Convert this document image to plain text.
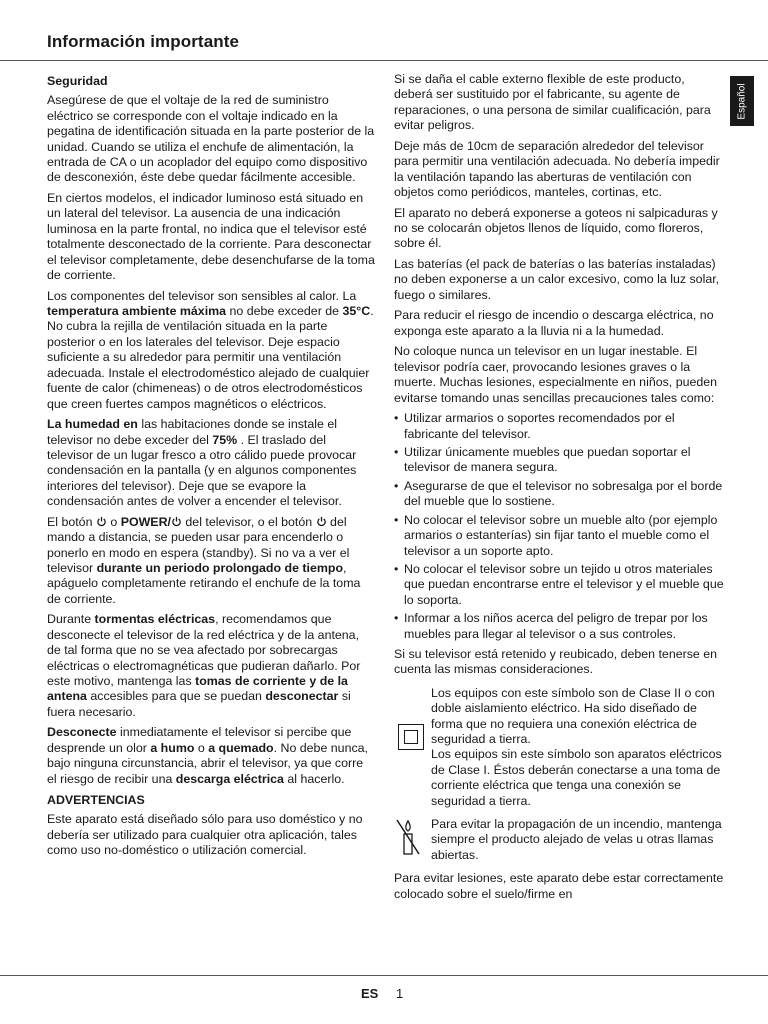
Información importante
Español
Seguridad

Asegúrese de que el voltaje de la red de suministro eléctrico se corresponde con el voltaje indicado en la pegatina de identificación situada en la parte posterior de la unidad. Cuando se utiliza el enchufe de alimentación, la entrada de CA o un acoplador del equipo como dispositivo de desconexión, éste debe quedar fácilmente accesible.

En ciertos modelos, el indicador luminoso está situado en un lateral del televisor. La ausencia de una indicación luminosa en la parte frontal, no indica que el televisor esté totalmente desconectado de la corriente. Para desconectar el televisor completamente, debe desenchufarse de la toma de corriente.

Los componentes del televisor son sensibles al calor. La temperatura ambiente máxima no debe exceder de 35°C. No cubra la rejilla de ventilación situada en la parte posterior o en los laterales del televisor. Deje espacio suficiente a su alrededor para permitir una ventilación adecuada. Instale el electrodoméstico alejado de cualquier fuente de calor (chimeneas) o de otros electrodomésticos que creen fuertes campos magnéticos o eléctricos.

La humedad en las habitaciones donde se instale el televisor no debe exceder del 75% . El traslado del televisor de un lugar fresco a otro cálido puede provocar condensación en la pantalla (y en algunos componentes interiores del televisor). Deje que se evapore la condensación antes de volver a encender el televisor.

El botón  o POWER/ del televisor, o el botón  del mando a distancia, se pueden usar para encenderlo o ponerlo en modo en espera (standby). Si no va a ver el televisor durante un periodo prolongado de tiempo, apáguelo completamente retirando el enchufe de la toma de corriente.

Durante tormentas eléctricas, recomendamos que desconecte el televisor de la red eléctrica y de la antena, de tal forma que no se vea afectado por sobrecargas eléctricas o electromagnéticas que pudieran dañarlo. Por este motivo, mantenga las tomas de corriente y de la antena accesibles para que se puedan desconectar si fuera necesario.

Desconecte inmediatamente el televisor si percibe que desprende un olor a humo o a quemado. No debe nunca, bajo ninguna circunstancia, abrir el televisor, ya que corre el riesgo de recibir una descarga eléctrica al hacerlo.

ADVERTENCIAS

Este aparato está diseñado sólo para uso doméstico y no debería ser utilizado para cualquier otra aplicación, tales como uso no-doméstico o utilización comercial.

Si se daña el cable externo flexible de este producto, deberá ser sustituido por el fabricante, su agente de reparaciones, o una persona de similar cualificación, para evitar peligros.

Deje más de 10cm de separación alrededor del televisor para permitir una ventilación adecuada. No debería impedir la ventilación tapando las aberturas de ventilación con objetos como periódicos, manteles, cortinas, etc.

El aparato no deberá exponerse a goteos ni salpicaduras y no se colocarán objetos llenos de líquido, como floreros, sobre él.

Las baterías (el pack de baterías o las baterías instaladas) no deben exponerse a un calor excesivo, como la luz solar, fuego o similares.

Para reducir el riesgo de incendio o descarga eléctrica, no exponga este aparato a la lluvia ni a la humedad.

No coloque nunca un televisor en un lugar inestable. El televisor podría caer, provocando lesiones graves o la muerte. Muchas lesiones, especialmente en niños, pueden evitarse tomando unas sencillas precauciones tales como:

• Utilizar armarios o soportes recomendados por el fabricante del televisor.
• Utilizar únicamente muebles que puedan soportar el televisor de manera segura.
• Asegurarse de que el televisor no sobresalga por el borde del mueble que lo sostiene.
• No colocar el televisor sobre un mueble alto (por ejemplo armarios o estanterías) sin fijar tanto el mueble como el televisor a un soporte apto.
• No colocar el televisor sobre un tejido u otros materiales que puedan encontrarse entre el televisor y el mueble que lo soporta.
• Informar a los niños acerca del peligro de trepar por los muebles para llegar al televisor o a sus controles.

Si su televisor está retenido y reubicado, deben tenerse en cuenta las mismas consideraciones.

Los equipos con este símbolo son de Clase II o con doble aislamiento eléctrico. Ha sido diseñado de forma que no requiera una conexión eléctrica de seguridad a tierra.
Los equipos sin este símbolo son aparatos eléctricos de Clase I. Éstos deberán conectarse a una toma de corriente eléctrica que tenga una conexión se seguridad a tierra.
Para evitar la propagación de un incendio, mantenga siempre el producto alejado de velas u otras llamas abiertas.

Para evitar lesiones, este aparato debe estar correctamente colocado sobre el suelo/firme en

ES 1
